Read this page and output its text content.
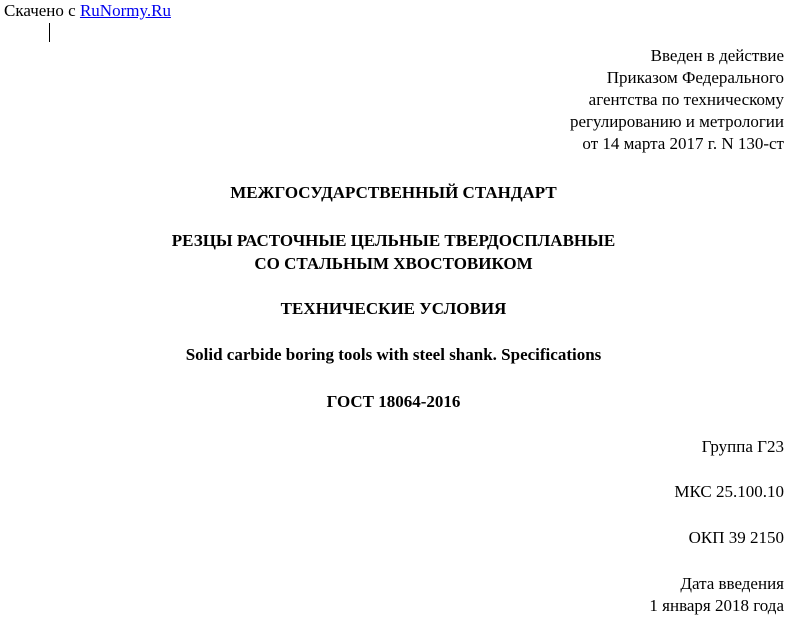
Скачено с RuNormy.Ru
Введен в действие
Приказом Федерального
агентства по техническому
регулированию и метрологии
от 14 марта 2017 г. N 130-ст
МЕЖГОСУДАРСТВЕННЫЙ СТАНДАРТ
РЕЗЦЫ РАСТОЧНЫЕ ЦЕЛЬНЫЕ ТВЕРДОСПЛАВНЫЕ
СО СТАЛЬНЫМ ХВОСТОВИКОМ
ТЕХНИЧЕСКИЕ УСЛОВИЯ
Solid carbide boring tools with steel shank. Specifications
ГОСТ 18064-2016
Группа Г23
МКС 25.100.10
ОКП 39 2150
Дата введения
1 января 2018 года
